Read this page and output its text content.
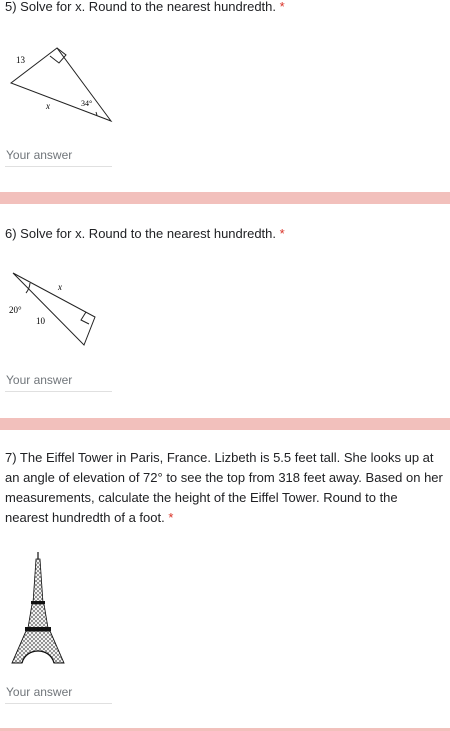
5) Solve for x. Round to the nearest hundredth. *
13
34°
x
Your answer
6) Solve for x. Round to the nearest hundredth. *
20°
10
x
Your answer
7) The Eiffel Tower in Paris, France. Lizbeth is 5.5 feet tall. She looks up at an angle of elevation of 72° to see the top from 318 feet away. Based on her measurements, calculate the height of the Eiffel Tower. Round to the nearest hundredth of a foot. *
Your answer
